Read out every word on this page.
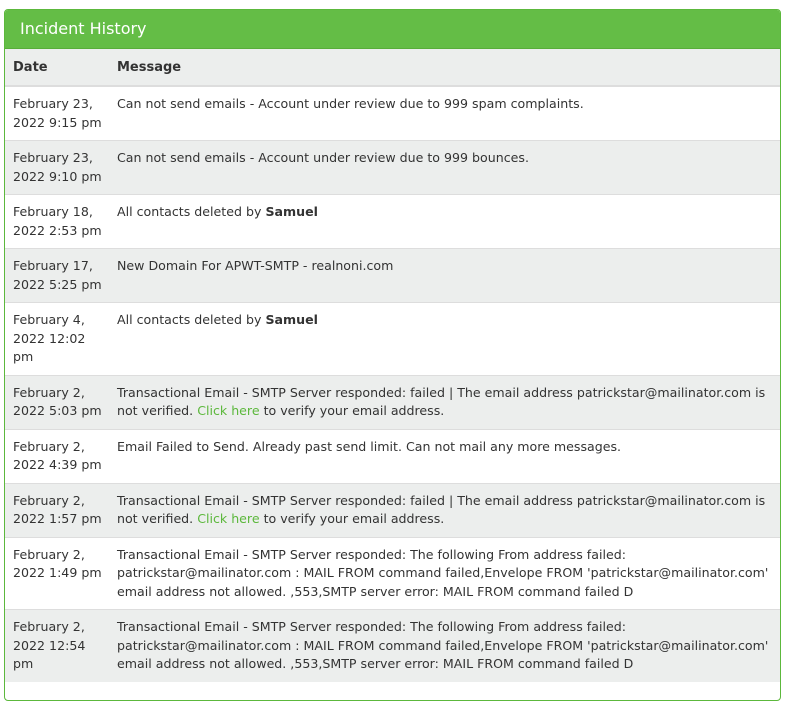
Incident History
Date	Message
February 23, 2022 9:15 pm	Can not send emails - Account under review due to 999 spam complaints.
February 23, 2022 9:10 pm	Can not send emails - Account under review due to 999 bounces.
February 18, 2022 2:53 pm	All contacts deleted by Samuel
February 17, 2022 5:25 pm	New Domain For APWT-SMTP - realnoni.com
February 4, 2022 12:02 pm	All contacts deleted by Samuel
February 2, 2022 5:03 pm	Transactional Email - SMTP Server responded: failed | The email address patrickstar@mailinator.com is not verified. Click here to verify your email address.
February 2, 2022 4:39 pm	Email Failed to Send. Already past send limit. Can not mail any more messages.
February 2, 2022 1:57 pm	Transactional Email - SMTP Server responded: failed | The email address patrickstar@mailinator.com is not verified. Click here to verify your email address.
February 2, 2022 1:49 pm	Transactional Email - SMTP Server responded: The following From address failed: patrickstar@mailinator.com : MAIL FROM command failed,Envelope FROM 'patrickstar@mailinator.com' email address not allowed. ,553,SMTP server error: MAIL FROM command failed D
February 2, 2022 12:54 pm	Transactional Email - SMTP Server responded: The following From address failed: patrickstar@mailinator.com : MAIL FROM command failed,Envelope FROM 'patrickstar@mailinator.com' email address not allowed. ,553,SMTP server error: MAIL FROM command failed D
